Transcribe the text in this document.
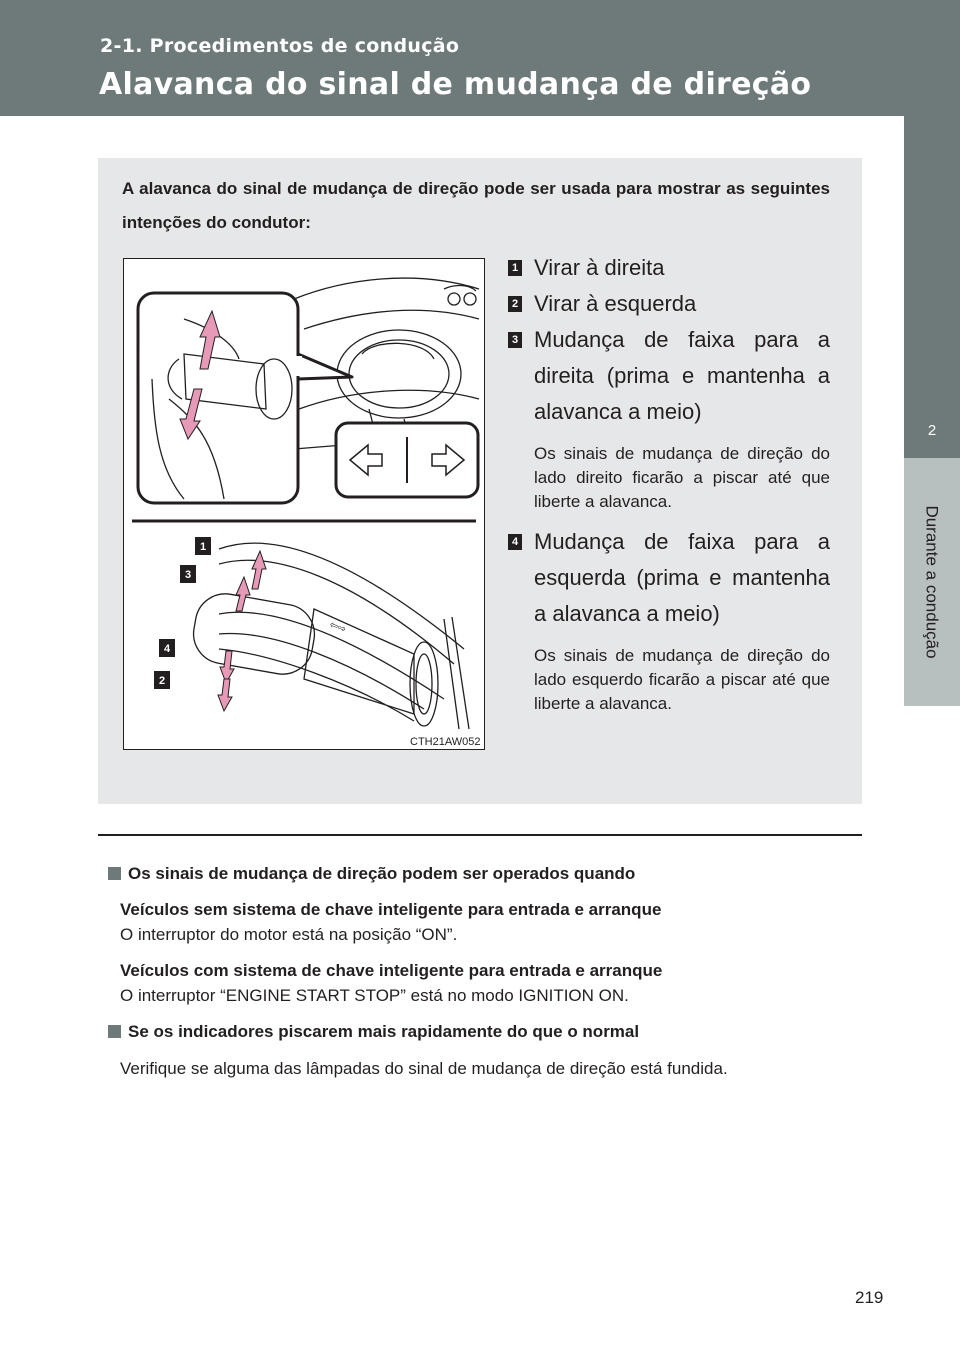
2-1. Procedimentos de condução
Alavanca do sinal de mudança de direção
2
Durante a condução
A alavanca do sinal de mudança de direção pode ser usada para mostrar as seguintes intenções do condutor:
⇦⇨
1
3
4
2
CTH21AW052
1 Virar à direita
2 Virar à esquerda
3 Mudança de faixa para a direita (prima e mantenha a alavanca a meio)
Os sinais de mudança de direção do lado direito ficarão a piscar até que liberte a alavanca.
4 Mudança de faixa para a esquerda (prima e mantenha a alavanca a meio)
Os sinais de mudança de direção do lado esquerdo ficarão a piscar até que liberte a alavanca.
Os sinais de mudança de direção podem ser operados quando
Veículos sem sistema de chave inteligente para entrada e arranque
O interruptor do motor está na posição “ON”.
Veículos com sistema de chave inteligente para entrada e arranque
O interruptor “ENGINE START STOP” está no modo IGNITION ON.
Se os indicadores piscarem mais rapidamente do que o normal
Verifique se alguma das lâmpadas do sinal de mudança de direção está fundida.
219
